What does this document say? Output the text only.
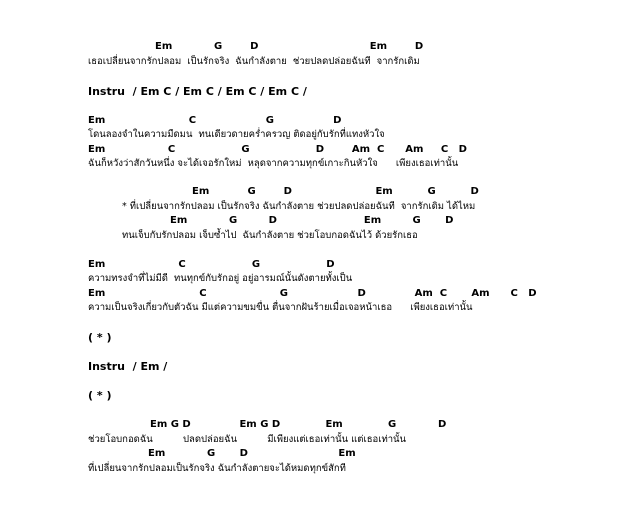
Em            G        D                                Em        D
เธอเปลี่ยนจากรักปลอม  เป็นรักจริง  ฉันกำลังตาย  ช่วยปลดปล่อยฉันที  จากรักเดิม
Instru  / Em C / Em C / Em C / Em C /
Em                        C                    G                 D
โดนลองจำในความมืดมน  ทนเดียวดายคร่ำครวญ ติดอยู่กับรักที่แทงหัวใจ
Em                  C                   G                   D        Am  C      Am     C   D
ฉันก็หวังว่าสักวันหนึ่ง จะได้เจอรักใหม่  หลุดจากความทุกข์เกาะกินหัวใจ      เพียงเธอเท่านั้น
Em           G        D                        Em          G          D
* ที่เปลี่ยนจากรักปลอม เป็นรักจริง ฉันกำลังตาย ช่วยปลดปล่อยฉันที  จากรักเดิม ได้ไหม
Em            G         D                         Em         G       D
ทนเจ็บกับรักปลอม เจ็บซ้ำไป  ฉันกำลังตาย ช่วยโอบกอดฉันไว้ ด้วยรักเธอ
Em                     C                   G                   D
ความทรงจำที่ไม่มีดี  ทนทุกข์กับรักอยู่ อยู่อารมณ์นั้นดังตายทั้งเป็น
Em                           C                     G                    D              Am  C       Am      C   D
ความเป็นจริงเกี่ยวกับตัวฉัน มีแต่ความขมขื่น ตื่นจากฝันร้ายเมื่อเจอหน้าเธอ      เพียงเธอเท่านั้น
( * )
Instru  / Em /
( * )
Em G D              Em G D             Em             G            D
ช่วยโอบกอดฉัน          ปลดปล่อยฉัน          มีเพียงแต่เธอเท่านั้น แต่เธอเท่านั้น
Em            G       D                          Em
ที่เปลี่ยนจากรักปลอมเป็นรักจริง ฉันกำลังตายจะได้หมดทุกข์สักที
